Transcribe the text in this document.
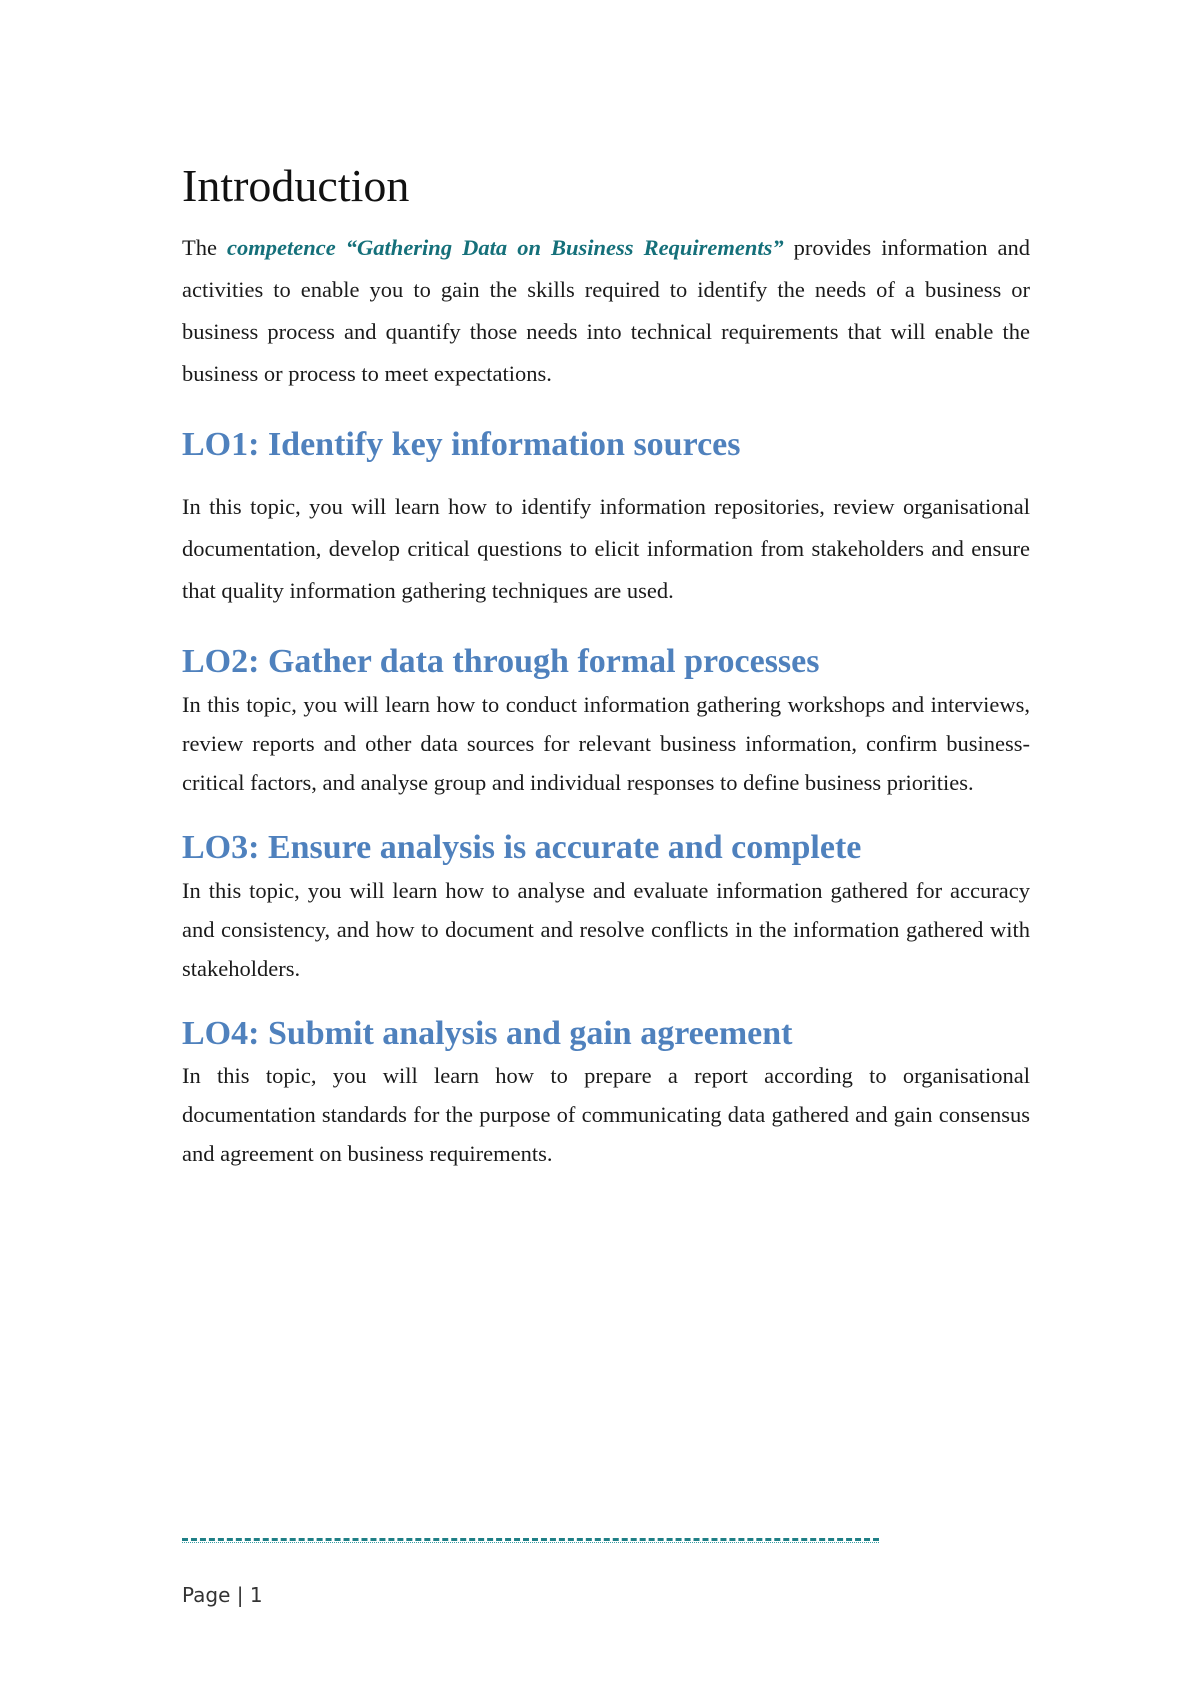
Introduction

The competence “Gathering Data on Business Requirements” provides information and activities to enable you to gain the skills required to identify the needs of a business or business process and quantify those needs into technical requirements that will enable the business or process to meet expectations.

LO1: Identify key information sources

In this topic, you will learn how to identify information repositories, review organisational documentation, develop critical questions to elicit information from stakeholders and ensure that quality information gathering techniques are used.

LO2: Gather data through formal processes

In this topic, you will learn how to conduct information gathering workshops and interviews, review reports and other data sources for relevant business information, confirm business-critical factors, and analyse group and individual responses to define business priorities.

LO3: Ensure analysis is accurate and complete

In this topic, you will learn how to analyse and evaluate information gathered for accuracy and consistency, and how to document and resolve conflicts in the information gathered with stakeholders.

LO4: Submit analysis and gain agreement

In this topic, you will learn how to prepare a report according to organisational documentation standards for the purpose of communicating data gathered and gain consensus and agreement on business requirements.

Page | 1
